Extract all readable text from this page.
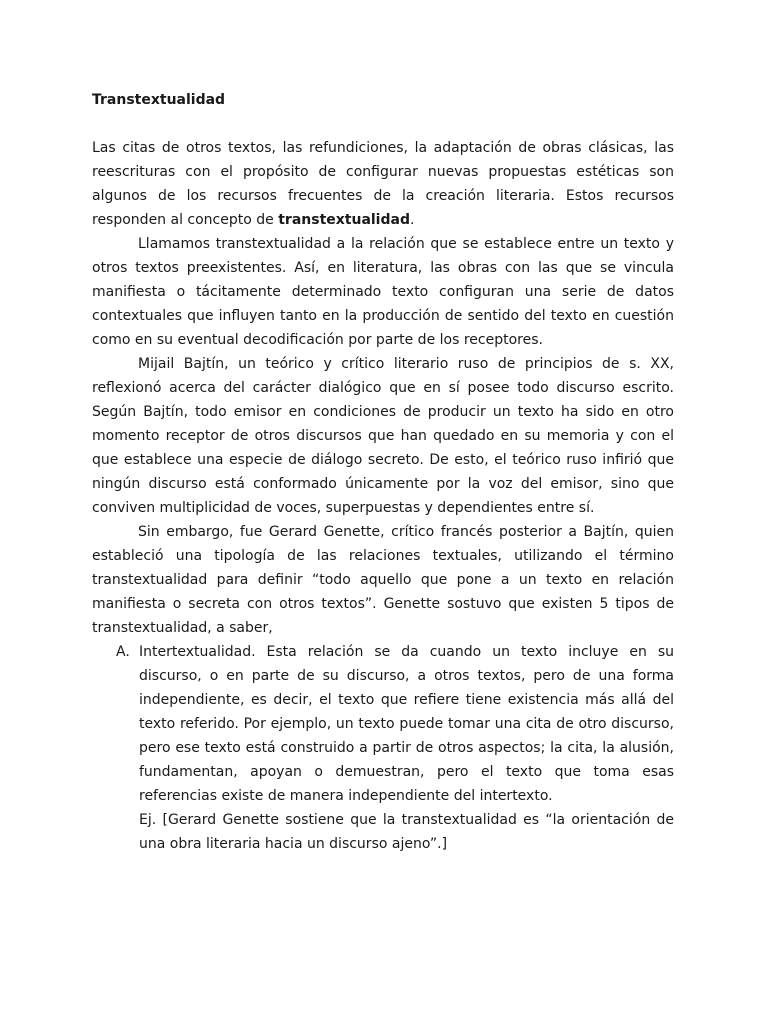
Transtextualidad

Las citas de otros textos, las refundiciones, la adaptación de obras clásicas, las reescrituras con el propósito de configurar nuevas propuestas estéticas son algunos de los recursos frecuentes de la creación literaria. Estos recursos responden al concepto de transtextualidad.

Llamamos transtextualidad a la relación que se establece entre un texto y otros textos preexistentes. Así, en literatura, las obras con las que se vincula manifiesta o tácitamente determinado texto configuran una serie de datos contextuales que influyen tanto en la producción de sentido del texto en cuestión como en su eventual decodificación por parte de los receptores.

Mijail Bajtín, un teórico y crítico literario ruso de principios de s. XX, reflexionó acerca del carácter dialógico que en sí posee todo discurso escrito. Según Bajtín, todo emisor en condiciones de producir un texto ha sido en otro momento receptor de otros discursos que han quedado en su memoria y con el que establece una especie de diálogo secreto. De esto, el teórico ruso infirió que ningún discurso está conformado únicamente por la voz del emisor, sino que conviven multiplicidad de voces, superpuestas y dependientes entre sí.

Sin embargo, fue Gerard Genette, crítico francés posterior a Bajtín, quien estableció una tipología de las relaciones textuales, utilizando el término transtextualidad para definir “todo aquello que pone a un texto en relación manifiesta o secreta con otros textos”. Genette sostuvo que existen 5 tipos de transtextualidad, a saber,

A. Intertextualidad. Esta relación se da cuando un texto incluye en su discurso, o en parte de su discurso, a otros textos, pero de una forma independiente, es decir, el texto que refiere tiene existencia más allá del texto referido. Por ejemplo, un texto puede tomar una cita de otro discurso, pero ese texto está construido a partir de otros aspectos; la cita, la alusión, fundamentan, apoyan o demuestran, pero el texto que toma esas referencias existe de manera independiente del intertexto.
Ej. [Gerard Genette sostiene que la transtextualidad es “la orientación de una obra literaria hacia un discurso ajeno”.]
